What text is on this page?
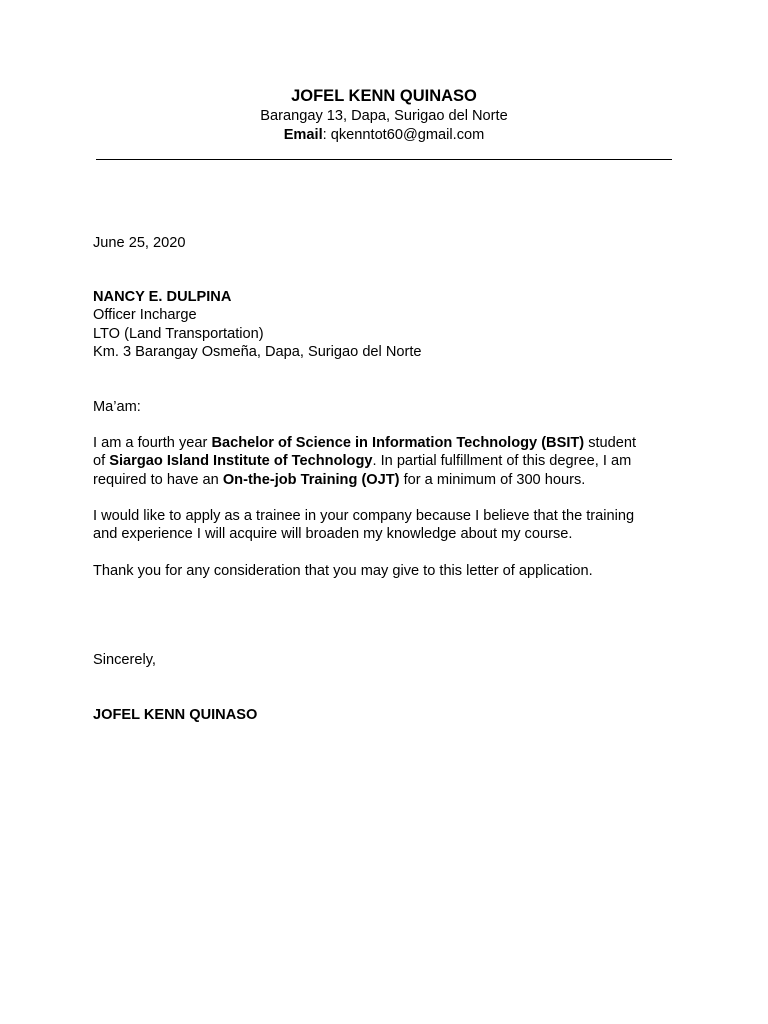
JOFEL KENN QUINASO
Barangay 13, Dapa, Surigao del Norte
Email: qkenntot60@gmail.com
June 25, 2020
NANCY E. DULPINA
Officer Incharge
LTO (Land Transportation)
Km. 3 Barangay Osmeña, Dapa, Surigao del Norte
Ma’am:
I am a fourth year Bachelor of Science in Information Technology (BSIT) student
of Siargao Island Institute of Technology. In partial fulfillment of this degree, I am
required to have an On-the-job Training (OJT) for a minimum of 300 hours.
I would like to apply as a trainee in your company because I believe that the training
and experience I will acquire will broaden my knowledge about my course.
Thank you for any consideration that you may give to this letter of application.
Sincerely,
JOFEL KENN QUINASO
